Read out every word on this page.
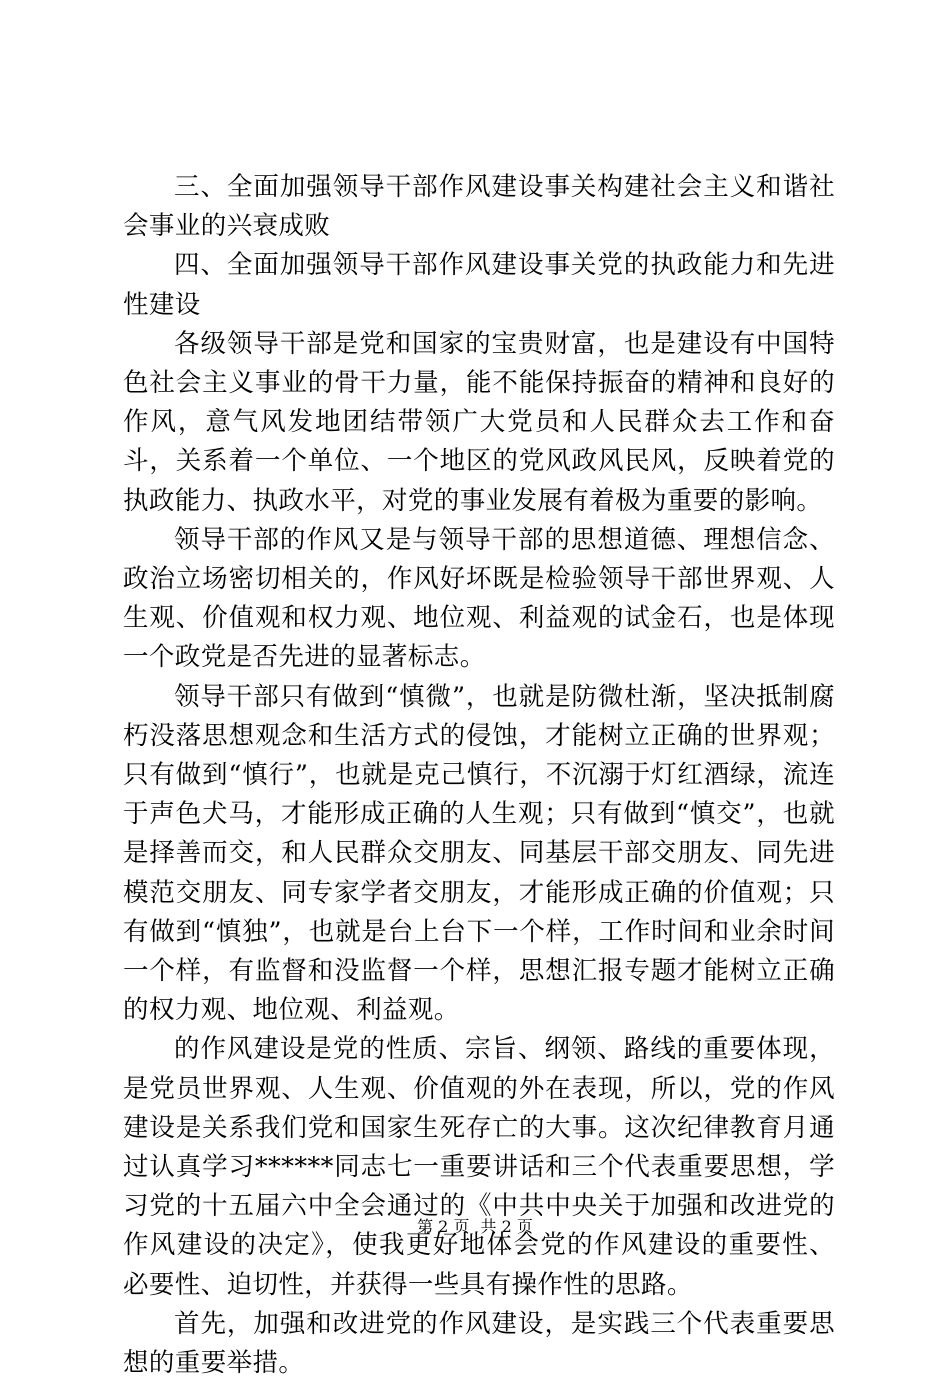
三、全面加强领导干部作风建设事关构建社会主义和谐社会事业的兴衰成败

四、全面加强领导干部作风建设事关党的执政能力和先进性建设

各级领导干部是党和国家的宝贵财富，也是建设有中国特色社会主义事业的骨干力量，能不能保持振奋的精神和良好的作风，意气风发地团结带领广大党员和人民群众去工作和奋斗，关系着一个单位、一个地区的党风政风民风，反映着党的执政能力、执政水平，对党的事业发展有着极为重要的影响。

领导干部的作风又是与领导干部的思想道德、理想信念、政治立场密切相关的，作风好坏既是检验领导干部世界观、人生观、价值观和权力观、地位观、利益观的试金石，也是体现一个政党是否先进的显著标志。

领导干部只有做到“慎微”，也就是防微杜渐，坚决抵制腐朽没落思想观念和生活方式的侵蚀，才能树立正确的世界观；只有做到“慎行”，也就是克己慎行，不沉溺于灯红酒绿，流连于声色犬马，才能形成正确的人生观；只有做到“慎交”，也就是择善而交，和人民群众交朋友、同基层干部交朋友、同先进模范交朋友、同专家学者交朋友，才能形成正确的价值观；只有做到“慎独”，也就是台上台下一个样，工作时间和业余时间一个样，有监督和没监督一个样，思想汇报专题才能树立正确的权力观、地位观、利益观。

的作风建设是党的性质、宗旨、纲领、路线的重要体现，是党员世界观、人生观、价值观的外在表现，所以，党的作风建设是关系我们党和国家生死存亡的大事。这次纪律教育月通过认真学习******同志七一重要讲话和三个代表重要思想，学习党的十五届六中全会通过的《中共中央关于加强和改进党的作风建设的决定》，使我更好地体会党的作风建设的重要性、必要性、迫切性，并获得一些具有操作性的思路。

首先，加强和改进党的作风建设，是实践三个代表重要思想的重要举措。

第 2 页 共 2 页
